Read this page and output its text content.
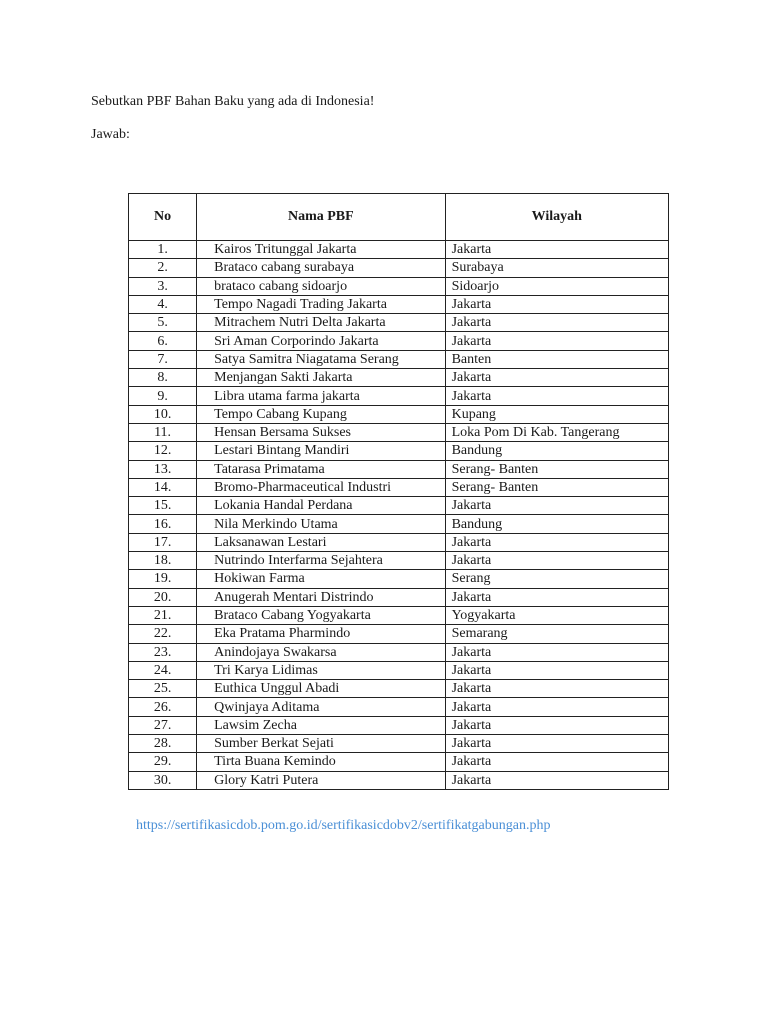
Sebutkan PBF Bahan Baku yang ada di Indonesia!
Jawab:
No	Nama PBF	Wilayah
1.	Kairos Tritunggal Jakarta	Jakarta
2.	Brataco cabang surabaya	Surabaya
3.	brataco cabang sidoarjo	Sidoarjo
4.	Tempo Nagadi Trading Jakarta	Jakarta
5.	Mitrachem Nutri Delta Jakarta	Jakarta
6.	Sri Aman Corporindo Jakarta	Jakarta
7.	Satya Samitra Niagatama Serang	Banten
8.	Menjangan Sakti Jakarta	Jakarta
9.	Libra utama farma jakarta	Jakarta
10.	Tempo Cabang Kupang	Kupang
11.	Hensan Bersama Sukses	Loka Pom Di Kab. Tangerang
12.	Lestari Bintang Mandiri	Bandung
13.	Tatarasa Primatama	Serang- Banten
14.	Bromo-Pharmaceutical Industri	Serang- Banten
15.	Lokania Handal Perdana	Jakarta
16.	Nila Merkindo Utama	Bandung
17.	Laksanawan Lestari	Jakarta
18.	Nutrindo Interfarma Sejahtera	Jakarta
19.	Hokiwan Farma	Serang
20.	Anugerah Mentari Distrindo	Jakarta
21.	Brataco Cabang Yogyakarta	Yogyakarta
22.	Eka Pratama Pharmindo	Semarang
23.	Anindojaya Swakarsa	Jakarta
24.	Tri Karya Lidimas	Jakarta
25.	Euthica Unggul Abadi	Jakarta
26.	Qwinjaya Aditama	Jakarta
27.	Lawsim Zecha	Jakarta
28.	Sumber Berkat Sejati	Jakarta
29.	Tirta Buana Kemindo	Jakarta
30.	Glory Katri Putera	Jakarta
https://sertifikasicdob.pom.go.id/sertifikasicdobv2/sertifikatgabungan.php
